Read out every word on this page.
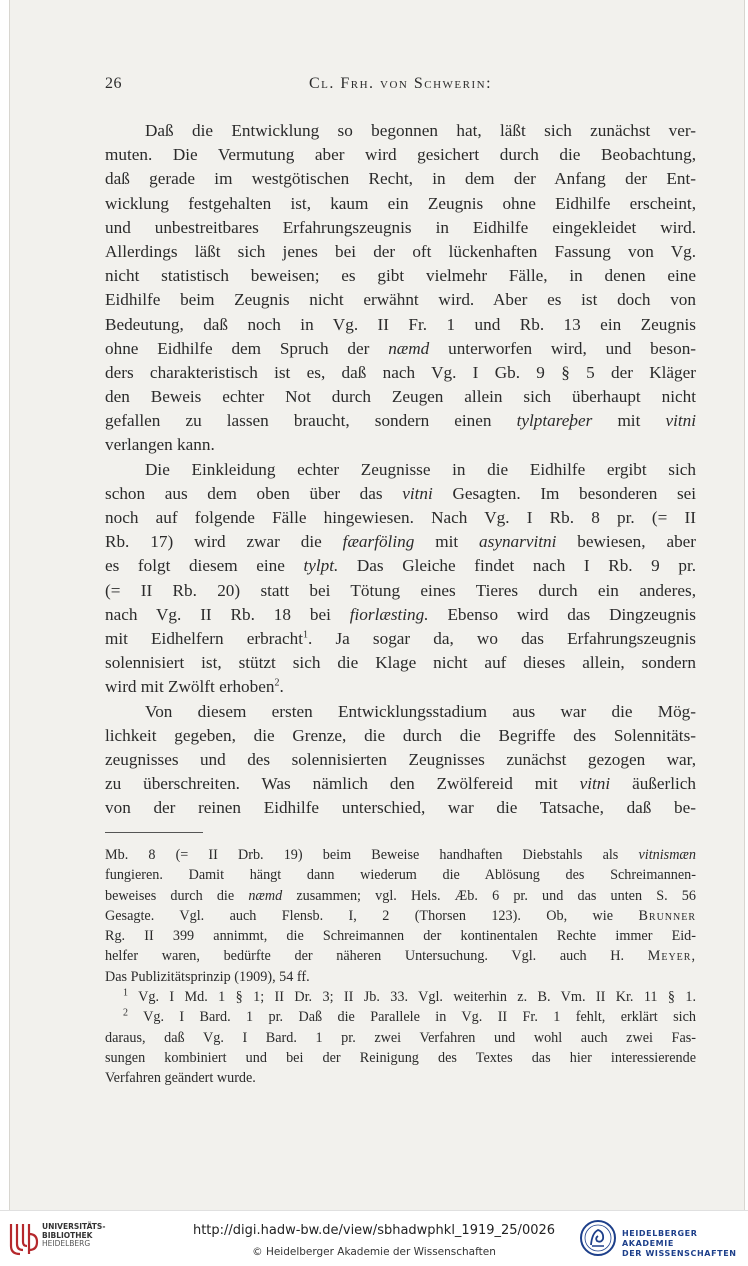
26	Cl. Frh. von Schwerin:
Daß die Entwicklung so begonnen hat, läßt sich zunächst ver-
muten. Die Vermutung aber wird gesichert durch die Beobachtung,
daß gerade im westgötischen Recht, in dem der Anfang der Ent-
wicklung festgehalten ist, kaum ein Zeugnis ohne Eidhilfe erscheint,
und unbestreitbares Erfahrungszeugnis in Eidhilfe eingekleidet wird.
Allerdings läßt sich jenes bei der oft lückenhaften Fassung von Vg.
nicht statistisch beweisen; es gibt vielmehr Fälle, in denen eine
Eidhilfe beim Zeugnis nicht erwähnt wird. Aber es ist doch von
Bedeutung, daß noch in Vg. II Fr. 1 und Rb. 13 ein Zeugnis
ohne Eidhilfe dem Spruch der næmd unterworfen wird, und beson-
ders charakteristisch ist es, daß nach Vg. I Gb. 9 § 5 der Kläger
den Beweis echter Not durch Zeugen allein sich überhaupt nicht
gefallen zu lassen braucht, sondern einen tylptareþer mit vitni
verlangen kann.
Die Einkleidung echter Zeugnisse in die Eidhilfe ergibt sich
schon aus dem oben über das vitni Gesagten. Im besonderen sei
noch auf folgende Fälle hingewiesen. Nach Vg. I Rb. 8 pr. (= II
Rb. 17) wird zwar die fæarföling mit asynarvitni bewiesen, aber
es folgt diesem eine tylpt. Das Gleiche findet nach I Rb. 9 pr.
(= II Rb. 20) statt bei Tötung eines Tieres durch ein anderes,
nach Vg. II Rb. 18 bei fiorlæsting. Ebenso wird das Dingzeugnis
mit Eidhelfern erbracht$^1$. Ja sogar da, wo das Erfahrungszeugnis
solennisiert ist, stützt sich die Klage nicht auf dieses allein, sondern
wird mit Zwölft erhoben$^2$.
Von diesem ersten Entwicklungsstadium aus war die Mög-
lichkeit gegeben, die Grenze, die durch die Begriffe des Solennitäts-
zeugnisses und des solennisierten Zeugnisses zunächst gezogen war,
zu überschreiten. Was nämlich den Zwölfereid mit vitni äußerlich
von der reinen Eidhilfe unterschied, war die Tatsache, daß be-
Mb. 8 (= II Drb. 19) beim Beweise handhaften Diebstahls als vitnismæn
fungieren. Damit hängt dann wiederum die Ablösung des Schreimannen-
beweises durch die næmd zusammen; vgl. Hels. Æb. 6 pr. und das unten S. 56
Gesagte. Vgl. auch Flensb. I, 2 (Thorsen 123). Ob, wie Brunner
Rg. II 399 annimmt, die Schreimannen der kontinentalen Rechte immer Eid-
helfer waren, bedürfte der näheren Untersuchung. Vgl. auch H. Meyer,
Das Publizitätsprinzip (1909), 54 ff.
$^1$ Vg. I Md. 1 § 1; II Dr. 3; II Jb. 33. Vgl. weiterhin z. B. Vm. II Kr. 11 § 1.
$^2$ Vg. I Bard. 1 pr. Daß die Parallele in Vg. II Fr. 1 fehlt, erklärt sich
daraus, daß Vg. I Bard. 1 pr. zwei Verfahren und wohl auch zwei Fas-
sungen kombiniert und bei der Reinigung des Textes das hier interessierende
Verfahren geändert wurde.
UNIVERSITÄTS-
BIBLIOTHEK
HEIDELBERG
http://digi.hadw-bw.de/view/sbhadwphkl_1919_25/0026
© Heidelberger Akademie der Wissenschaften
HEIDELBERGER AKADEMIE
DER WISSENSCHAFTEN
